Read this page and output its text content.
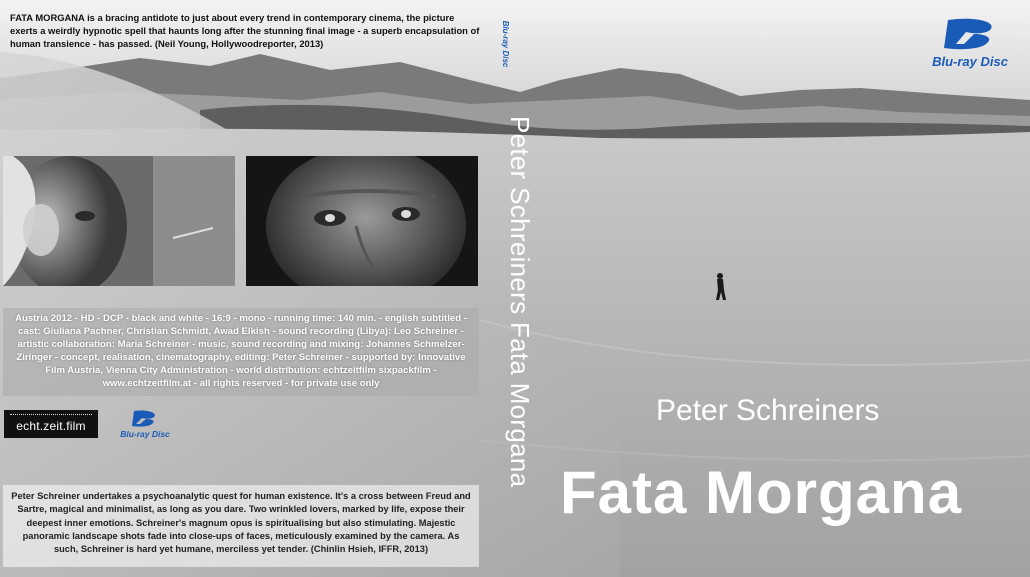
FATA MORGANA is a bracing antidote to just about every trend in contemporary cinema, the picture exerts a weirdly hypnotic spell that haunts long after the stunning final image - a superb encapsulation of human transience - has passed. (Neil Young, Hollywoodreporter, 2013)
Austria 2012 - HD - DCP - black and white - 16:9 - mono - running time: 140 min. - english subtitled - cast: Giuliana Pachner, Christian Schmidt, Awad Elkish - sound recording (Libya): Leo Schreiner - artistic collaboration: Maria Schreiner - music, sound recording and mixing: Johannes Schmelzer-Ziringer - concept, realisation, cinematography, editing: Peter Schreiner - supported by: Innovative Film Austria, Vienna City Administration - world distribution: echtzeitfilm sixpackfilm - www.echtzeitfilm.at - all rights reserved - for private use only
echt.zeit.film
Blu-ray Disc
Peter Schreiner undertakes a psychoanalytic quest for human existence. It's a cross between Freud and Sartre, magical and minimalist, as long as you dare. Two wrinkled lovers, marked by life, expose their deepest inner emotions. Schreiner's magnum opus is spiritualising but also stimulating. Majestic panoramic landscape shots fade into close-ups of faces, meticulously examined by the camera. As such, Schreiner is hard yet humane, merciless yet tender. (Chinlin Hsieh, IFFR, 2013)
Blu-ray Disc
Peter Schreiners Fata Morgana
Blu-ray Disc
Peter Schreiners
Fata Morgana
